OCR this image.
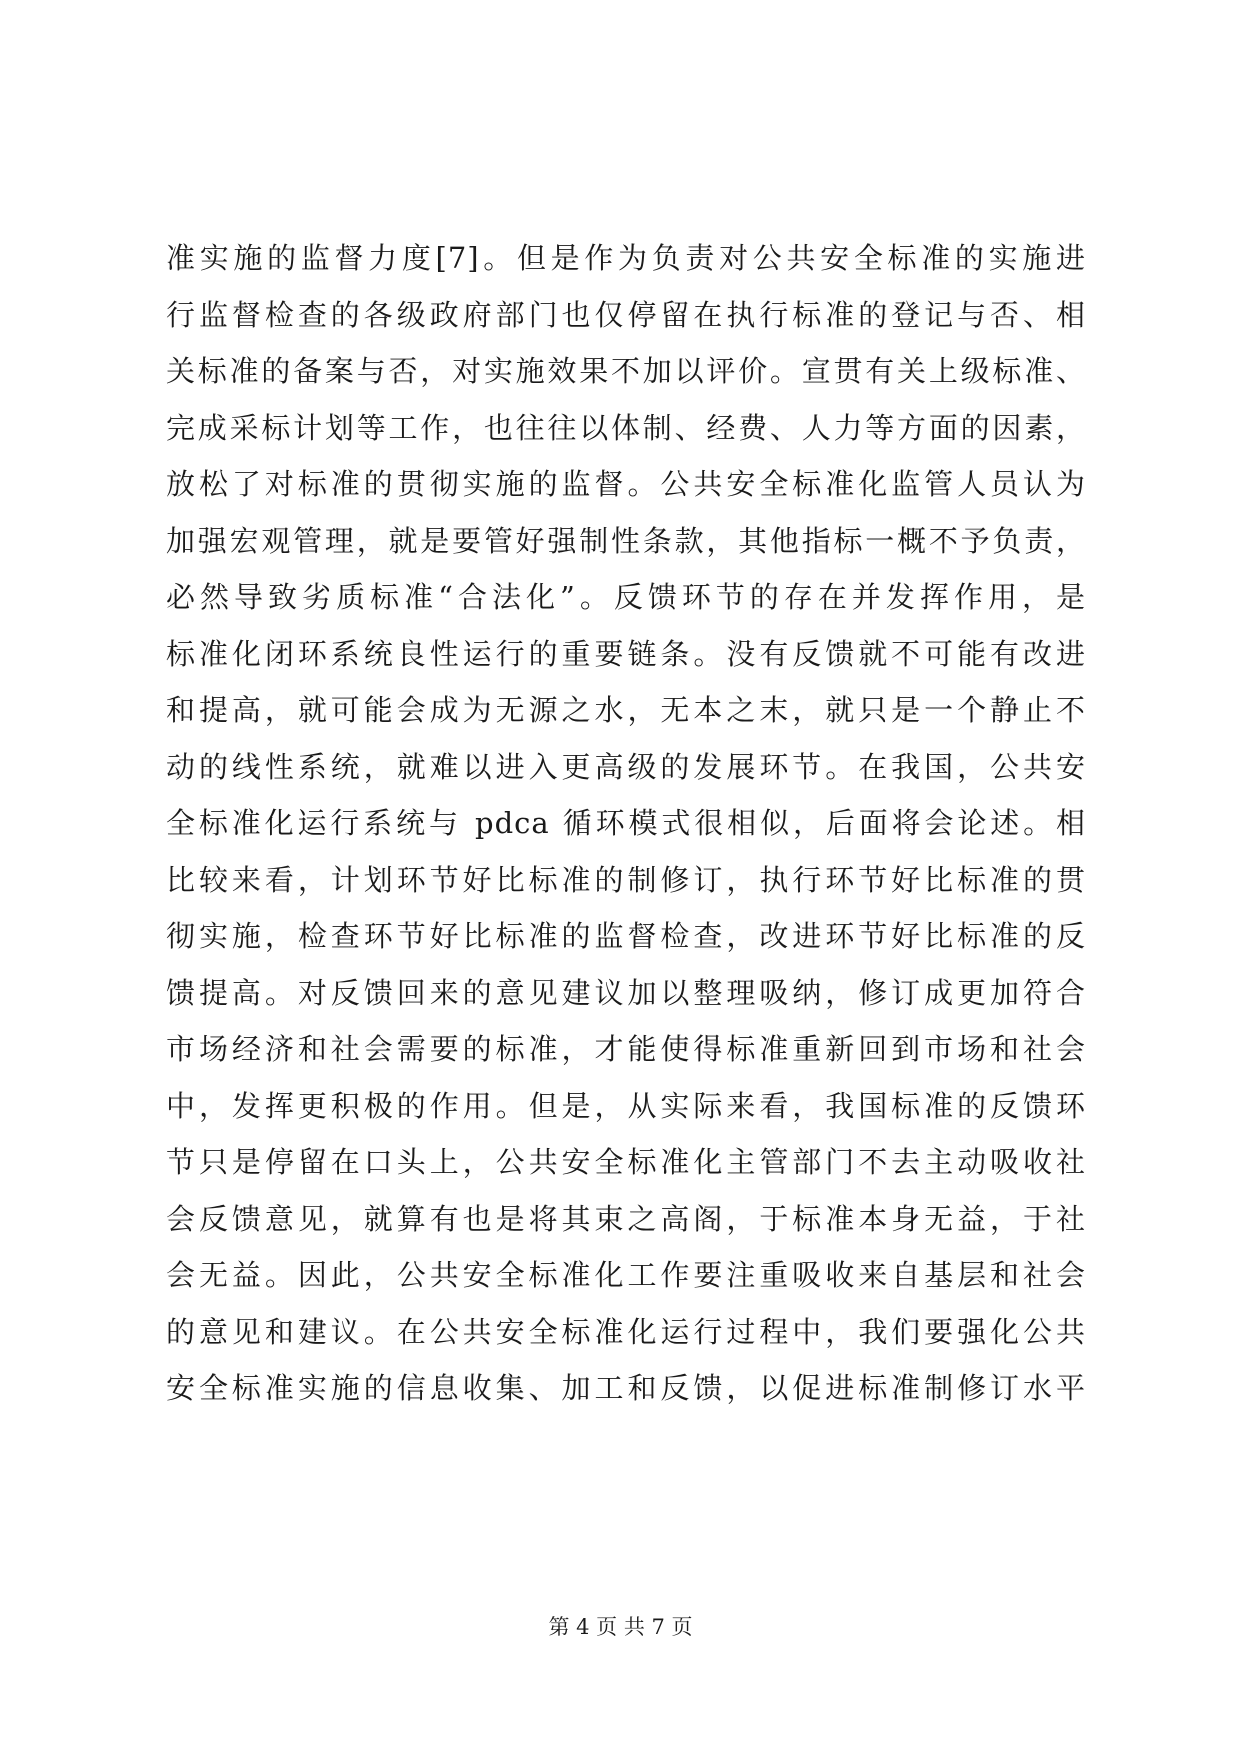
准实施的监督力度[7]。但是作为负责对公共安全标准的实施进
行监督检查的各级政府部门也仅停留在执行标准的登记与否、相
关标准的备案与否，对实施效果不加以评价。宣贯有关上级标准、
完成采标计划等工作，也往往以体制、经费、人力等方面的因素，
放松了对标准的贯彻实施的监督。公共安全标准化监管人员认为
加强宏观管理，就是要管好强制性条款，其他指标一概不予负责，
必然导致劣质标准“合法化”。反馈环节的存在并发挥作用，是
标准化闭环系统良性运行的重要链条。没有反馈就不可能有改进
和提高，就可能会成为无源之水，无本之末，就只是一个静止不
动的线性系统，就难以进入更高级的发展环节。在我国，公共安
全标准化运行系统与 pdca 循环模式很相似，后面将会论述。相
比较来看，计划环节好比标准的制修订，执行环节好比标准的贯
彻实施，检查环节好比标准的监督检查，改进环节好比标准的反
馈提高。对反馈回来的意见建议加以整理吸纳，修订成更加符合
市场经济和社会需要的标准，才能使得标准重新回到市场和社会
中，发挥更积极的作用。但是，从实际来看，我国标准的反馈环
节只是停留在口头上，公共安全标准化主管部门不去主动吸收社
会反馈意见，就算有也是将其束之高阁，于标准本身无益，于社
会无益。因此，公共安全标准化工作要注重吸收来自基层和社会
的意见和建议。在公共安全标准化运行过程中，我们要强化公共
安全标准实施的信息收集、加工和反馈，以促进标准制修订水平
第 4 页 共 7 页
